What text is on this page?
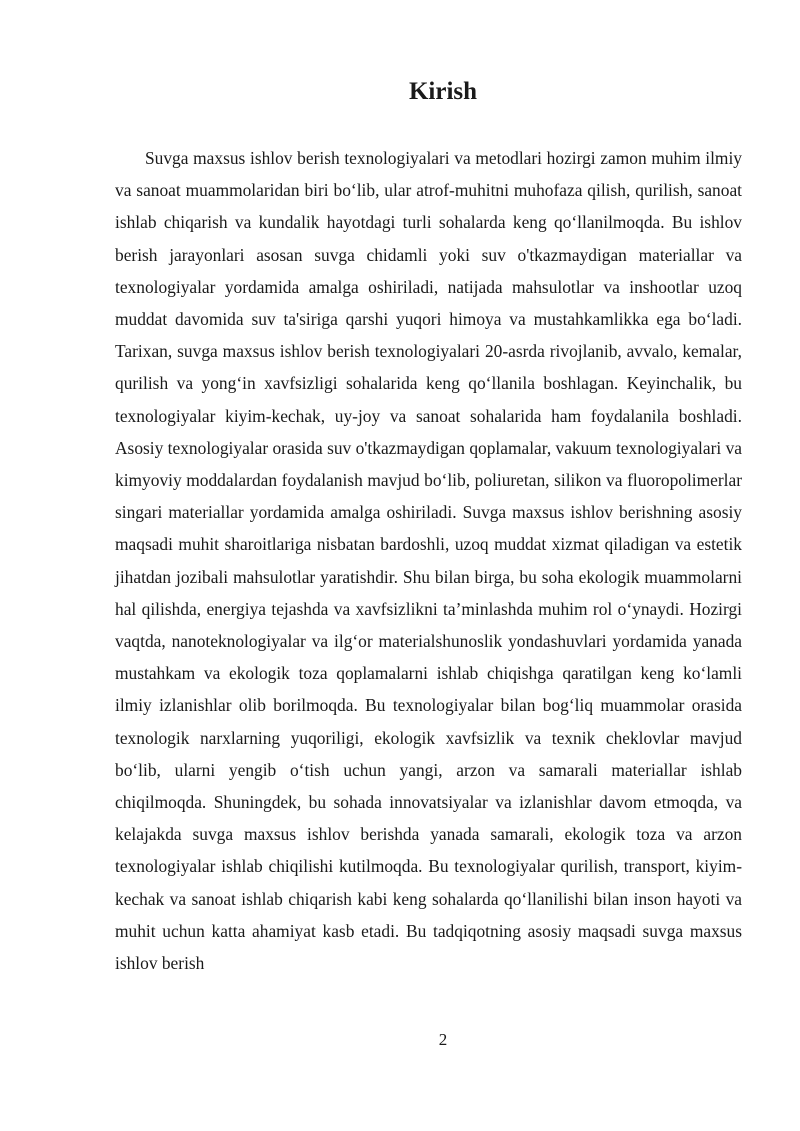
Kirish

Suvga maxsus ishlov berish texnologiyalari va metodlari hozirgi zamon muhim ilmiy va sanoat muammolaridan biri bo‘lib, ular atrof-muhitni muhofaza qilish, qurilish, sanoat ishlab chiqarish va kundalik hayotdagi turli sohalarda keng qo‘llanilmoqda. Bu ishlov berish jarayonlari asosan suvga chidamli yoki suv o'tkazmaydigan materiallar va texnologiyalar yordamida amalga oshiriladi, natijada mahsulotlar va inshootlar uzoq muddat davomida suv ta'siriga qarshi yuqori himoya va mustahkamlikka ega bo‘ladi. Tarixan, suvga maxsus ishlov berish texnologiyalari 20-asrda rivojlanib, avvalo, kemalar, qurilish va yong‘in xavfsizligi sohalarida keng qo‘llanila boshlagan. Keyinchalik, bu texnologiyalar kiyim-kechak, uy-joy va sanoat sohalarida ham foydalanila boshladi. Asosiy texnologiyalar orasida suv o'tkazmaydigan qoplamalar, vakuum texnologiyalari va kimyoviy moddalardan foydalanish mavjud bo‘lib, poliuretan, silikon va fluoropolimerlar singari materiallar yordamida amalga oshiriladi. Suvga maxsus ishlov berishning asosiy maqsadi muhit sharoitlariga nisbatan bardoshli, uzoq muddat xizmat qiladigan va estetik jihatdan jozibali mahsulotlar yaratishdir. Shu bilan birga, bu soha ekologik muammolarni hal qilishda, energiya tejashda va xavfsizlikni ta’minlashda muhim rol o‘ynaydi. Hozirgi vaqtda, nanoteknologiyalar va ilg‘or materialshunoslik yondashuvlari yordamida yanada mustahkam va ekologik toza qoplamalarni ishlab chiqishga qaratilgan keng ko‘lamli ilmiy izlanishlar olib borilmoqda. Bu texnologiyalar bilan bog‘liq muammolar orasida texnologik narxlarning yuqoriligi, ekologik xavfsizlik va texnik cheklovlar mavjud bo‘lib, ularni yengib o‘tish uchun yangi, arzon va samarali materiallar ishlab chiqilmoqda. Shuningdek, bu sohada innovatsiyalar va izlanishlar davom etmoqda, va kelajakda suvga maxsus ishlov berishda yanada samarali, ekologik toza va arzon texnologiyalar ishlab chiqilishi kutilmoqda. Bu texnologiyalar qurilish, transport, kiyim-kechak va sanoat ishlab chiqarish kabi keng sohalarda qo‘llanilishi bilan inson hayoti va muhit uchun katta ahamiyat kasb etadi. Bu tadqiqotning asosiy maqsadi suvga maxsus ishlov berish

2
